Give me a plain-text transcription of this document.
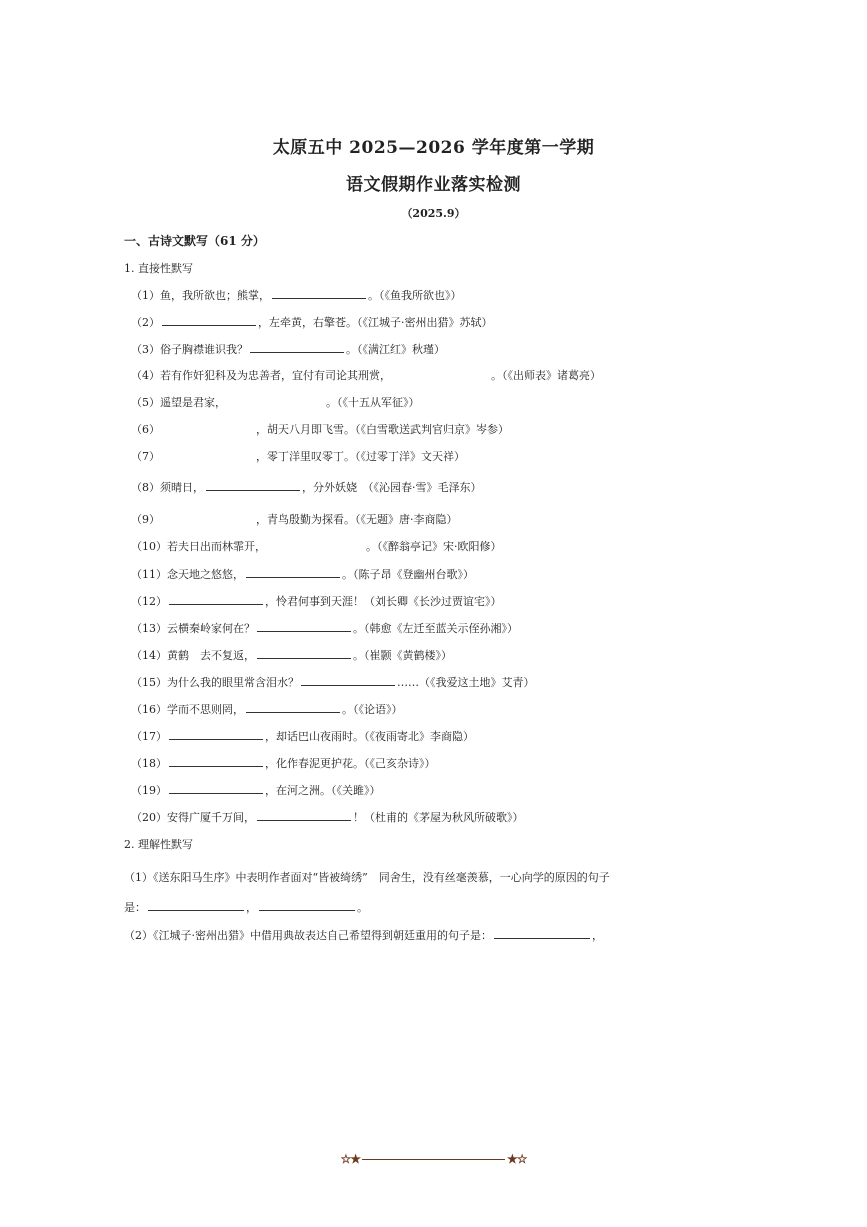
太原五中 2025—2026 学年度第一学期
语文假期作业落实检测
（2025.9）
一、古诗文默写（61 分）
1. 直接性默写
（1）鱼，我所欲也；熊掌，	。（《鱼我所欲也》）
（2）	，左牵黄，右擎苍。（《江城子·密州出猎》苏轼）
（3）俗子胸襟谁识我？	。（《满江红》秋瑾）
（4）若有作奸犯科及为忠善者，宜付有司论其刑赏，	。（《出师表》诸葛亮）
（5）遥望是君家，	。（《十五从军征》）
（6）	，胡天八月即飞雪。（《白雪歌送武判官归京》岑参）
（7）	，零丁洋里叹零丁。（《过零丁洋》文天祥）
（8）须晴日，	，分外妖娆　（《沁园春·雪》毛泽东）
（9）	，青鸟殷勤为探看。（《无题》唐·李商隐）
（10）若夫日出而林霏开，	。（《醉翁亭记》宋·欧阳修）
（11）念天地之悠悠，	。（陈子昂《登幽州台歌》）
（12）	，怜君何事到天涯！（刘长卿《长沙过贾谊宅》）
（13）云横秦岭家何在？	。（韩愈《左迁至蓝关示侄孙湘》）
（14）黄鹤　去不复返，	。（崔颢《黄鹤楼》）
（15）为什么我的眼里常含泪水？	……（《我爱这土地》艾青）
（16）学而不思则罔，	。（《论语》）
（17）	，却话巴山夜雨时。（《夜雨寄北》李商隐）
（18）	，化作春泥更护花。（《己亥杂诗》）
（19）	，在河之洲。（《关雎》）
（20）安得广厦千万间，	！（杜甫的《茅屋为秋风所破歌》）
2. 理解性默写
（1）《送东阳马生序》中表明作者面对“皆被绮绣”　同舍生，没有丝毫羡慕，一心向学的原因的句子
是：	，	。
（2）《江城子·密州出猎》中借用典故表达自己希望得到朝廷重用的句子是：	，
☆★	★☆
